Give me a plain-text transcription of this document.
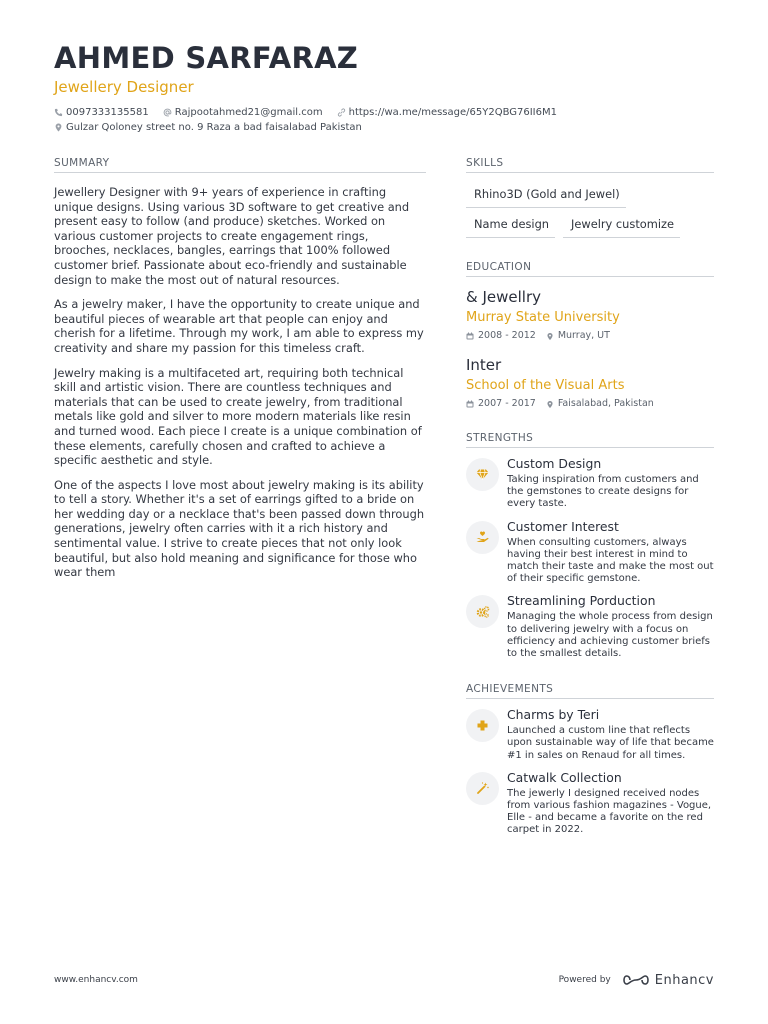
AHMED SARFARAZ
Jewellery Designer
0097333135581	Rajpootahmed21@gmail.com	https://wa.me/message/65Y2QBG76II6M1
Gulzar Qoloney street no. 9 Raza a bad faisalabad Pakistan
SUMMARY

Jewellery Designer with 9+ years of experience in crafting unique designs. Using various 3D software to get creative and present easy to follow (and produce) sketches. Worked on various customer projects to create engagement rings, brooches, necklaces, bangles, earrings that 100% followed customer brief. Passionate about eco-friendly and sustainable design to make the most out of natural resources.

As a jewelry maker, I have the opportunity to create unique and beautiful pieces of wearable art that people can enjoy and cherish for a lifetime. Through my work, I am able to express my creativity and share my passion for this timeless craft.

Jewelry making is a multifaceted art, requiring both technical skill and artistic vision. There are countless techniques and materials that can be used to create jewelry, from traditional metals like gold and silver to more modern materials like resin and turned wood. Each piece I create is a unique combination of these elements, carefully chosen and crafted to achieve a specific aesthetic and style.

One of the aspects I love most about jewelry making is its ability to tell a story. Whether it's a set of earrings gifted to a bride on her wedding day or a necklace that's been passed down through generations, jewelry often carries with it a rich history and sentimental value. I strive to create pieces that not only look beautiful, but also hold meaning and significance for those who wear them

SKILLS
Rhino3D (Gold and Jewel)
Name design	Jewelry customize
EDUCATION
& Jewellry
Murray State University
2008 - 2012 Murray, UT
Inter
School of the Visual Arts
2007 - 2017 Faisalabad, Pakistan
STRENGTHS
Custom Design
Taking inspiration from customers and the gemstones to create designs for every taste.
Customer Interest
When consulting customers, always having their best interest in mind to match their taste and make the most out of their specific gemstone.
Streamlining Porduction
Managing the whole process from design to delivering jewelry with a focus on efficiency and achieving customer briefs to the smallest details.
ACHIEVEMENTS
Charms by Teri
Launched a custom line that reflects upon sustainable way of life that became #1 in sales on Renaud for all times.
Catwalk Collection
The jewerly I designed received nodes from various fashion magazines - Vogue, Elle - and became a favorite on the red carpet in 2022.
www.enhancv.com	Powered by	Enhancv
